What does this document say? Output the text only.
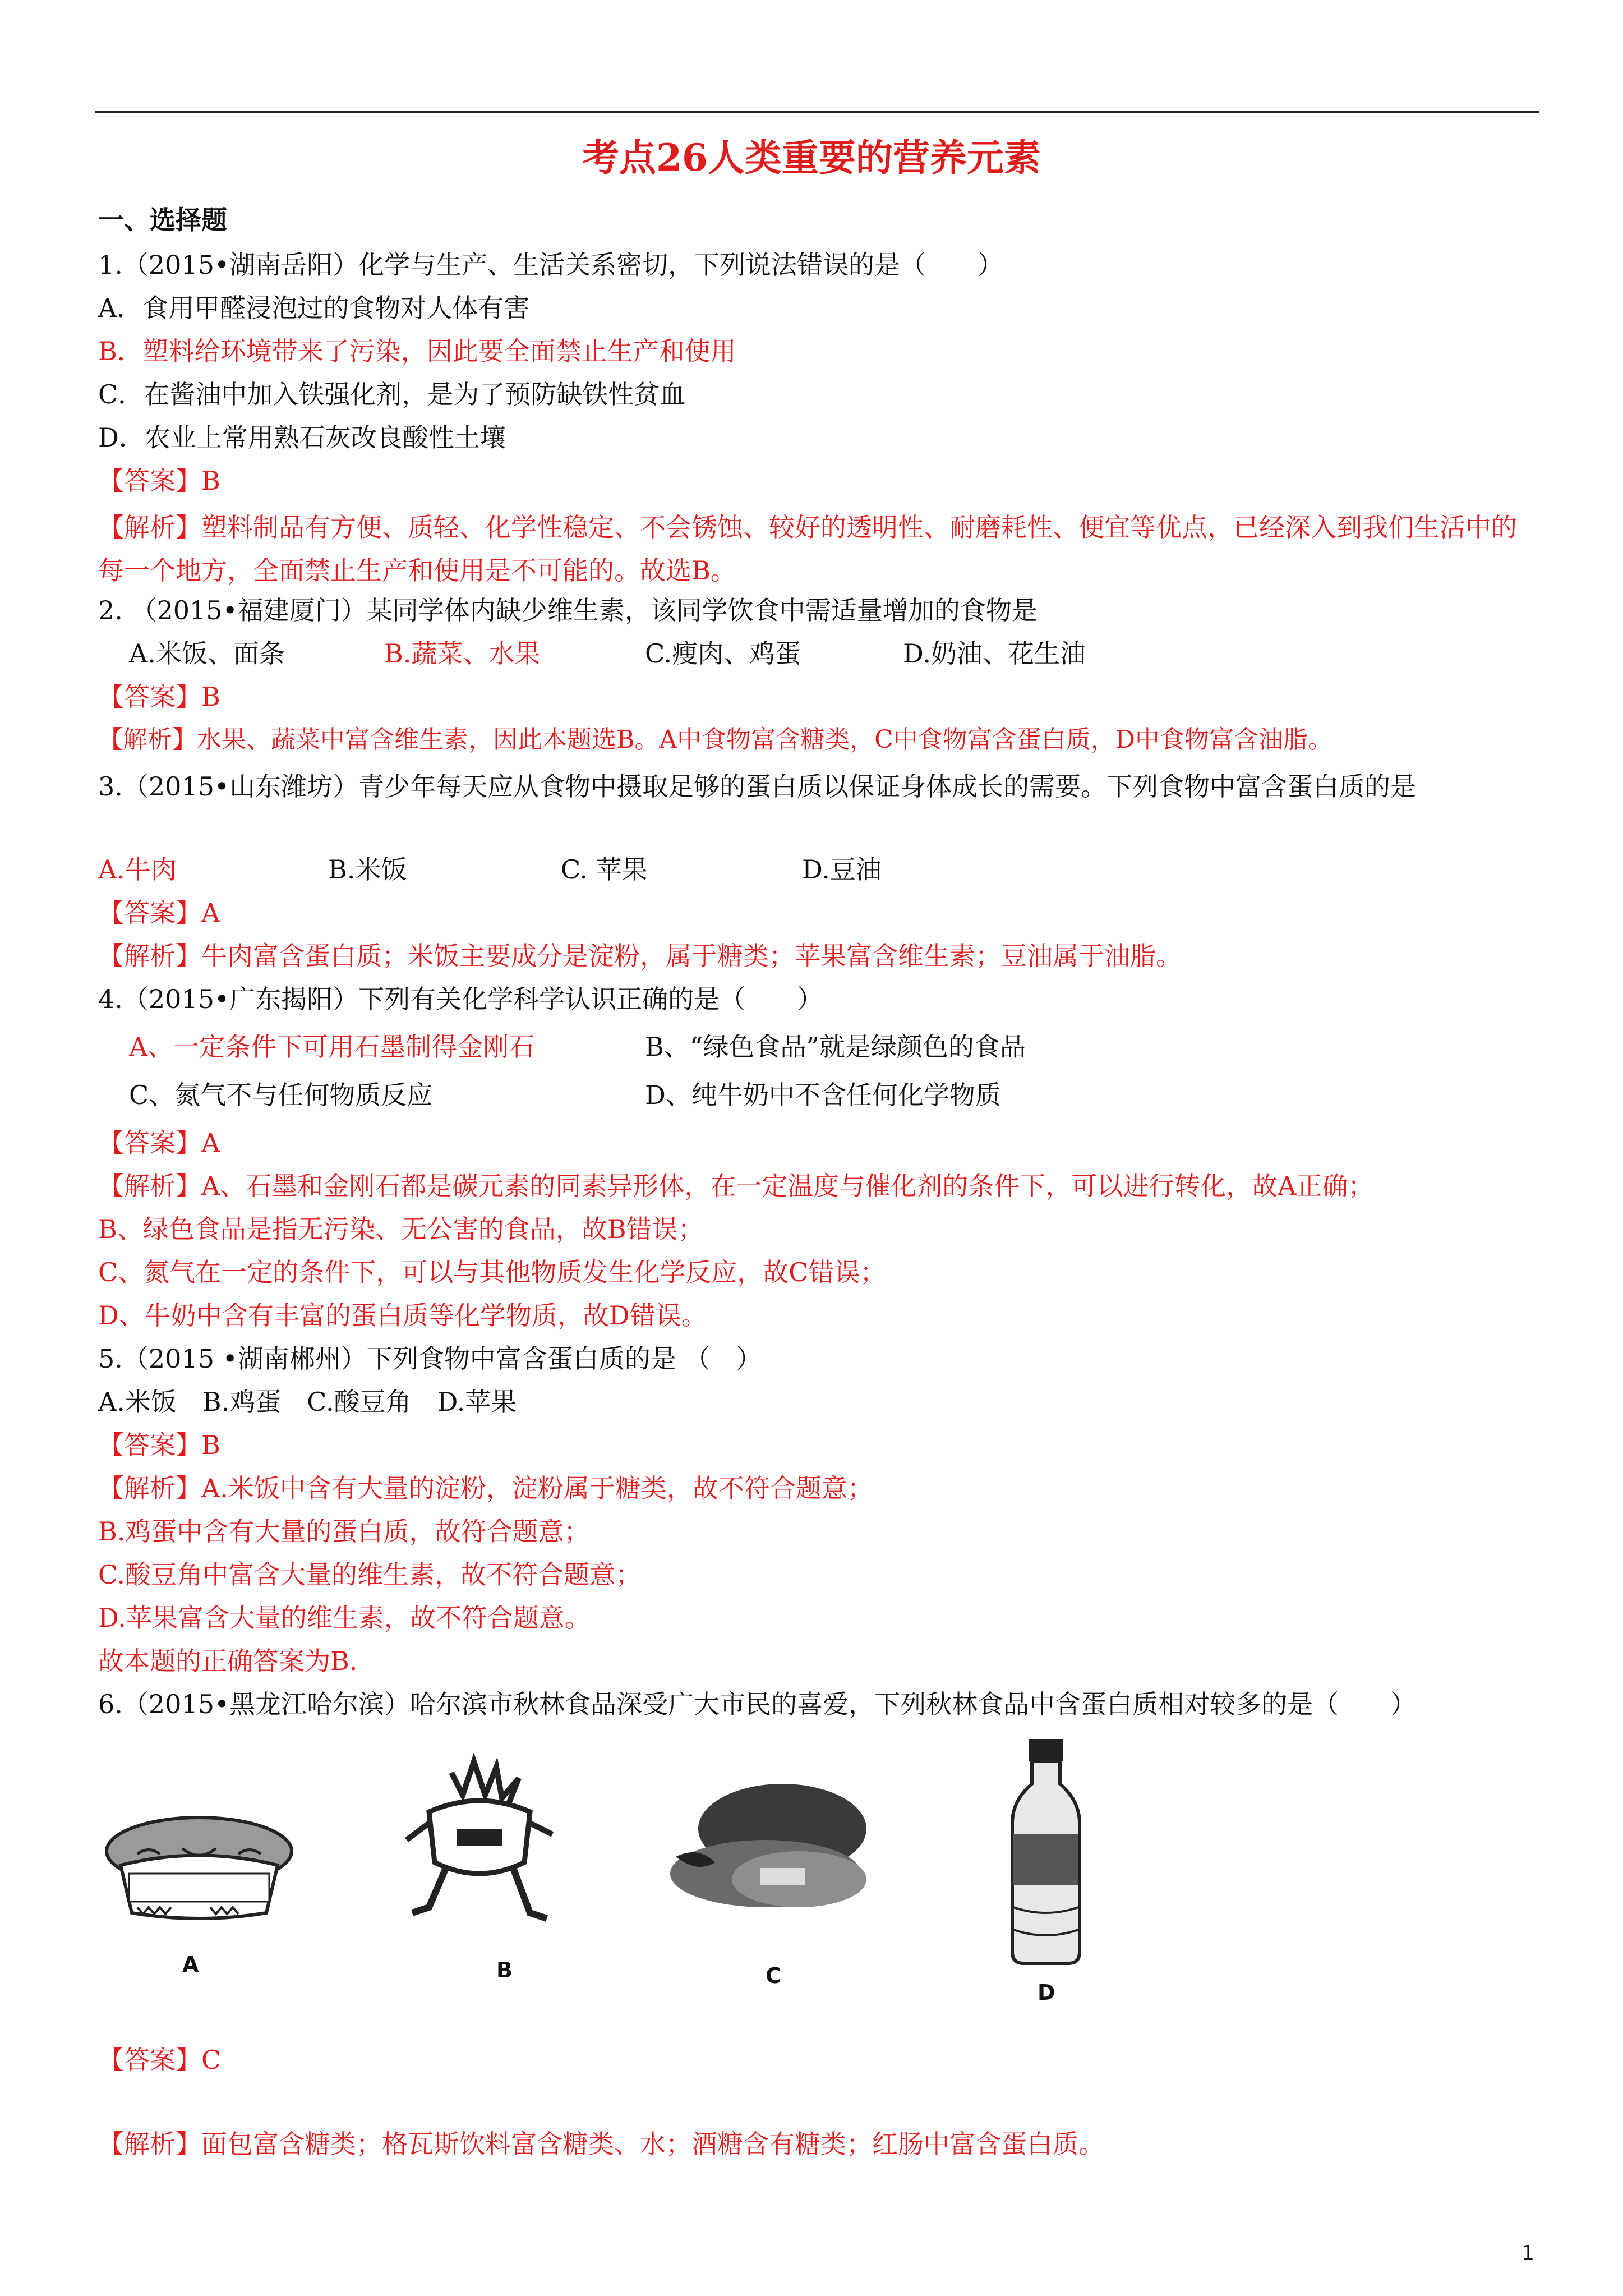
考点26人类重要的营养元素
一、选择题
1.（2015•湖南岳阳）化学与生产、生活关系密切，下列说法错误的是（　　）
A．食用甲醛浸泡过的食物对人体有害
B．塑料给环境带来了污染，因此要全面禁止生产和使用
C．在酱油中加入铁强化剂，是为了预防缺铁性贫血
D．农业上常用熟石灰改良酸性土壤
【答案】B
【解析】塑料制品有方便、质轻、化学性稳定、不会锈蚀、较好的透明性、耐磨耗性、便宜等优点，已经深入到我们生活中的每一个地方，全面禁止生产和使用是不可能的。故选B。
2. （2015•福建厦门）某同学体内缺少维生素，该同学饮食中需适量增加的食物是
A.米饭、面条	B.蔬菜、水果	C.瘦肉、鸡蛋	D.奶油、花生油
【答案】B
【解析】水果、蔬菜中富含维生素，因此本题选B。A中食物富含糖类，C中食物富含蛋白质，D中食物富含油脂。
3.（2015•山东潍坊）青少年每天应从食物中摄取足够的蛋白质以保证身体成长的需要。下列食物中富含蛋白质的是
A.牛肉	B.米饭	C. 苹果	D.豆油
【答案】A
【解析】牛肉富含蛋白质；米饭主要成分是淀粉，属于糖类；苹果富含维生素；豆油属于油脂。
4.（2015•广东揭阳）下列有关化学科学认识正确的是（　　）
A、一定条件下可用石墨制得金刚石	B、“绿色食品”就是绿颜色的食品
C、氮气不与任何物质反应	D、纯牛奶中不含任何化学物质
【答案】A
【解析】A、石墨和金刚石都是碳元素的同素异形体，在一定温度与催化剂的条件下，可以进行转化，故A正确；
B、绿色食品是指无污染、无公害的食品，故B错误；
C、氮气在一定的条件下，可以与其他物质发生化学反应，故C错误；
D、牛奶中含有丰富的蛋白质等化学物质，故D错误。
5.（2015 •湖南郴州）下列食物中富含蛋白质的是 （　）
A.米饭　B.鸡蛋　C.酸豆角　D.苹果
【答案】B
【解析】A.米饭中含有大量的淀粉，淀粉属于糖类，故不符合题意；
B.鸡蛋中含有大量的蛋白质，故符合题意；
C.酸豆角中富含大量的维生素，故不符合题意；
D.苹果富含大量的维生素，故不符合题意。
故本题的正确答案为B.
6.（2015•黑龙江哈尔滨）哈尔滨市秋林食品深受广大市民的喜爱，下列秋林食品中含蛋白质相对较多的是（　　）
A	B	C
D
【答案】C
【解析】面包富含糖类；格瓦斯饮料富含糖类、水；酒糖含有糖类；红肠中富含蛋白质。
1
